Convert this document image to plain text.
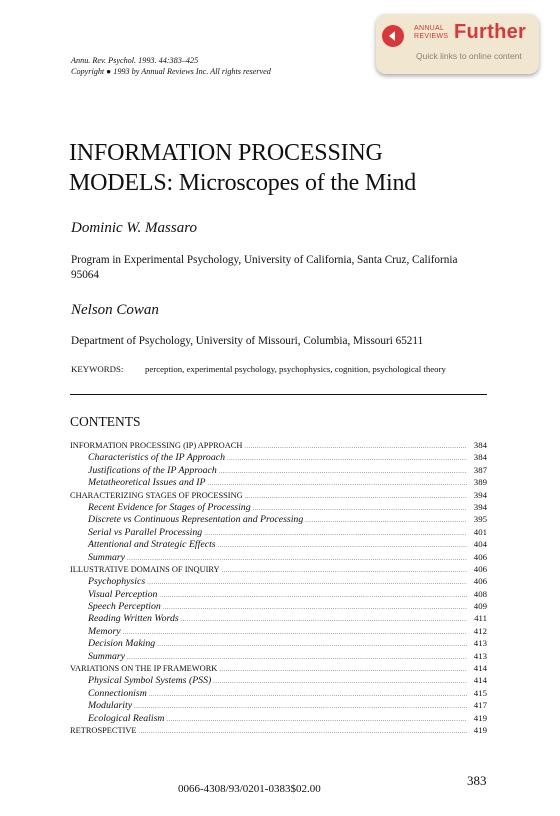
ANNUAL
REVIEWS Further
Quick links to online content
Annu. Rev. Psychol. 1993. 44:383–425
Copyright ● 1993 by Annual Reviews Inc. All rights reserved
INFORMATION PROCESSING
MODELS: Microscopes of the Mind
Dominic W. Massaro
Program in Experimental Psychology, University of California, Santa Cruz, California
95064
Nelson Cowan
Department of Psychology, University of Missouri, Columbia, Missouri 65211
KEYWORDS: perception, experimental psychology, psychophysics, cognition, psychological theory
CONTENTS
INFORMATION PROCESSING (IP) APPROACH .....	384
Characteristics of the IP Approach .....	384
Justifications of the IP Approach .....	387
Metatheoretical Issues and IP .....	389
CHARACTERIZING STAGES OF PROCESSING .....	394
Recent Evidence for Stages of Processing .....	394
Discrete vs Continuous Representation and Processing .....	395
Serial vs Parallel Processing .....	401
Attentional and Strategic Effects .....	404
Summary .....	406
ILLUSTRATIVE DOMAINS OF INQUIRY .....	406
Psychophysics .....	406
Visual Perception .....	408
Speech Perception .....	409
Reading Written Words .....	411
Memory .....	412
Decision Making .....	413
Summary .....	413
VARIATIONS ON THE IP FRAMEWORK .....	414
Physical Symbol Systems (PSS) .....	414
Connectionism .....	415
Modularity .....	417
Ecological Realism .....	419
RETROSPECTIVE .....	419
383
0066-4308/93/0201-0383$02.00
